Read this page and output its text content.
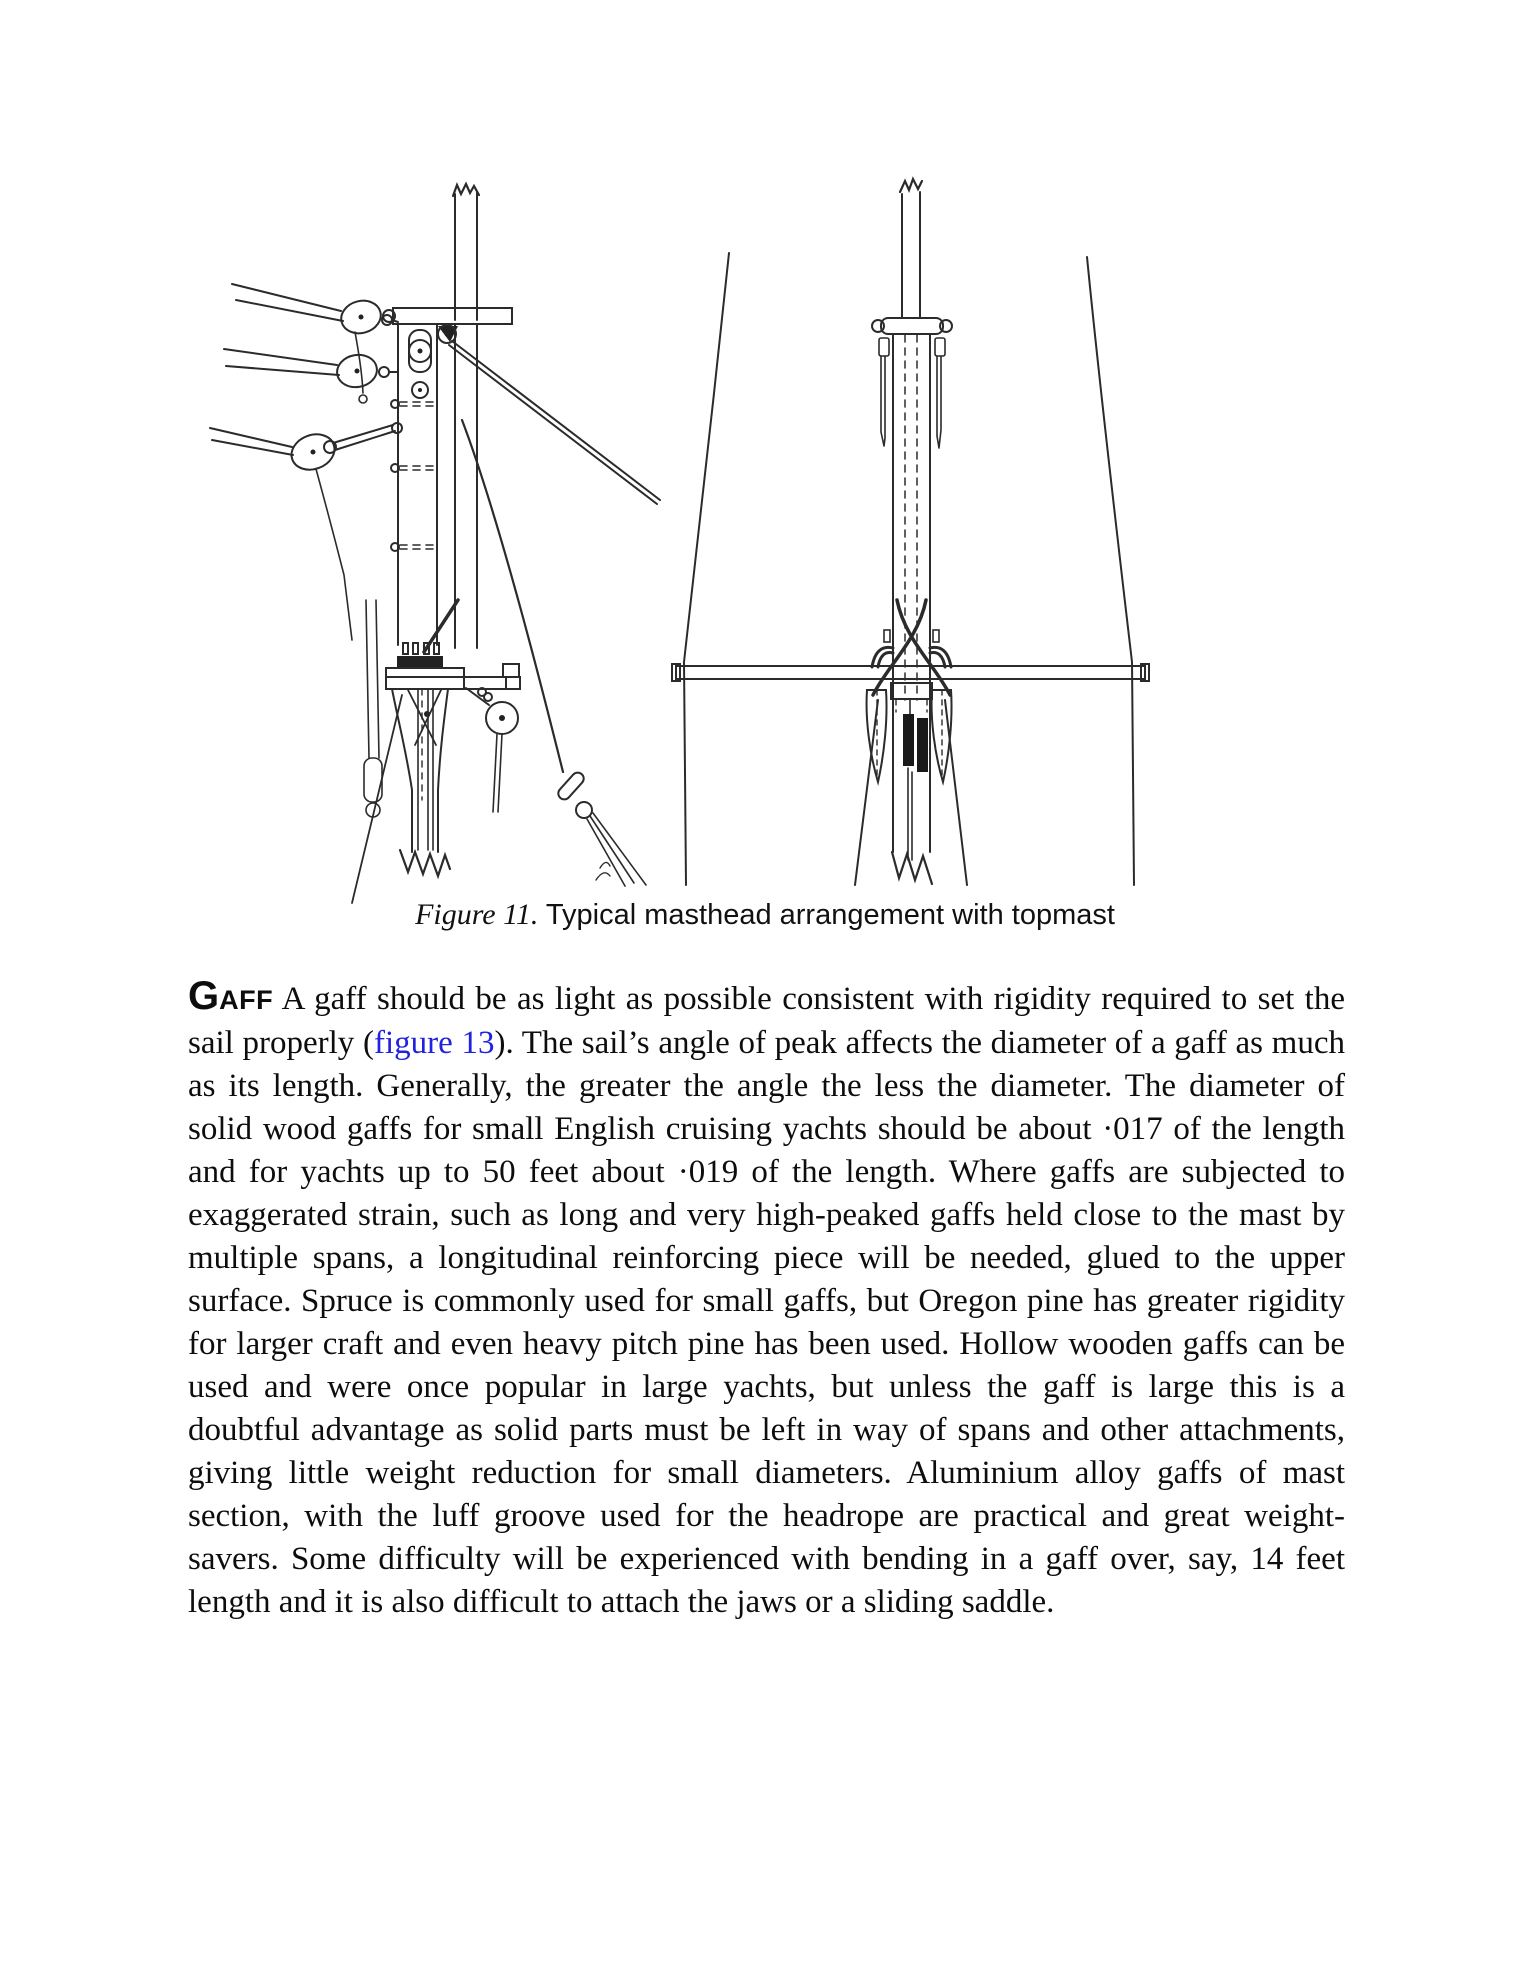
Figure 11. Typical masthead arrangement with topmast

GAFF A gaff should be as light as possible consistent with rigidity required to set the sail properly (figure 13). The sail’s angle of peak affects the diameter of a gaff as much as its length. Generally, the greater the angle the less the diameter. The diameter of solid wood gaffs for small English cruising yachts should be about ·017 of the length and for yachts up to 50 feet about ·019 of the length. Where gaffs are subjected to exaggerated strain, such as long and very high-peaked gaffs held close to the mast by multiple spans, a longitudinal reinforcing piece will be needed, glued to the upper surface. Spruce is commonly used for small gaffs, but Oregon pine has greater rigidity for larger craft and even heavy pitch pine has been used. Hollow wooden gaffs can be used and were once popular in large yachts, but unless the gaff is large this is a doubtful advantage as solid parts must be left in way of spans and other attachments, giving little weight reduction for small diameters. Aluminium alloy gaffs of mast section, with the luff groove used for the headrope are practical and great weight-savers. Some difficulty will be experienced with bending in a gaff over, say, 14 feet length and it is also difficult to attach the jaws or a sliding saddle.
